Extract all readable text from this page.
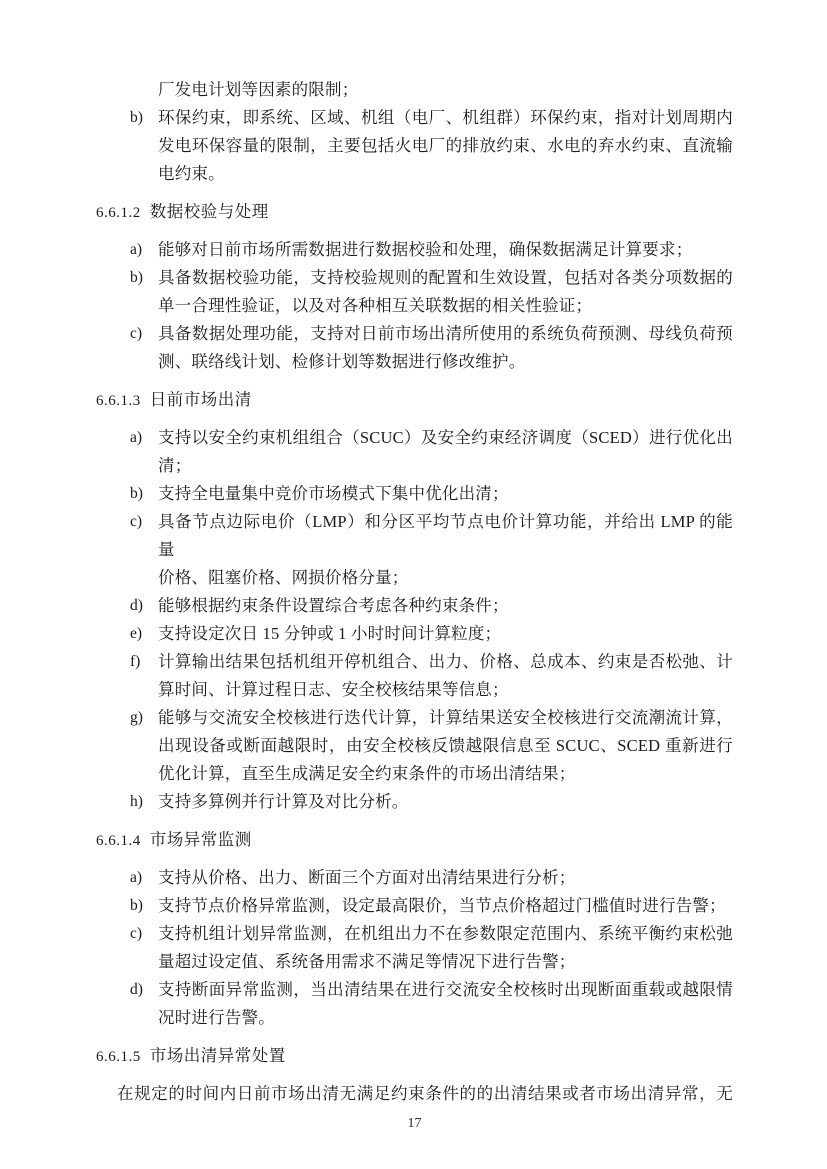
厂发电计划等因素的限制；
b) 环保约束，即系统、区域、机组（电厂、机组群）环保约束，指对计划周期内
发电环保容量的限制，主要包括火电厂的排放约束、水电的弃水约束、直流输
电约束。
6.6.1.2 数据校验与处理
a) 能够对日前市场所需数据进行数据校验和处理，确保数据满足计算要求；
b) 具备数据校验功能，支持校验规则的配置和生效设置，包括对各类分项数据的
单一合理性验证，以及对各种相互关联数据的相关性验证；
c) 具备数据处理功能，支持对日前市场出清所使用的系统负荷预测、母线负荷预
测、联络线计划、检修计划等数据进行修改维护。
6.6.1.3 日前市场出清
a) 支持以安全约束机组组合（SCUC）及安全约束经济调度（SCED）进行优化出
清；
b) 支持全电量集中竞价市场模式下集中优化出清；
c) 具备节点边际电价（LMP）和分区平均节点电价计算功能，并给出 LMP 的能量
价格、阻塞价格、网损价格分量；
d) 能够根据约束条件设置综合考虑各种约束条件；
e) 支持设定次日 15 分钟或 1 小时时间计算粒度；
f)	计算输出结果包括机组开停机组合、出力、价格、总成本、约束是否松弛、计
算时间、计算过程日志、安全校核结果等信息；
g) 能够与交流安全校核进行迭代计算，计算结果送安全校核进行交流潮流计算，
出现设备或断面越限时，由安全校核反馈越限信息至 SCUC、SCED 重新进行
优化计算，直至生成满足安全约束条件的市场出清结果；
h) 支持多算例并行计算及对比分析。
6.6.1.4 市场异常监测
a) 支持从价格、出力、断面三个方面对出清结果进行分析；
b) 支持节点价格异常监测，设定最高限价，当节点价格超过门槛值时进行告警；
c) 支持机组计划异常监测，在机组出力不在参数限定范围内、系统平衡约束松弛
量超过设定值、系统备用需求不满足等情况下进行告警；
d) 支持断面异常监测，当出清结果在进行交流安全校核时出现断面重载或越限情
况时进行告警。
6.6.1.5 市场出清异常处置
在规定的时间内日前市场出清无满足约束条件的的出清结果或者市场出清异常，无
17
